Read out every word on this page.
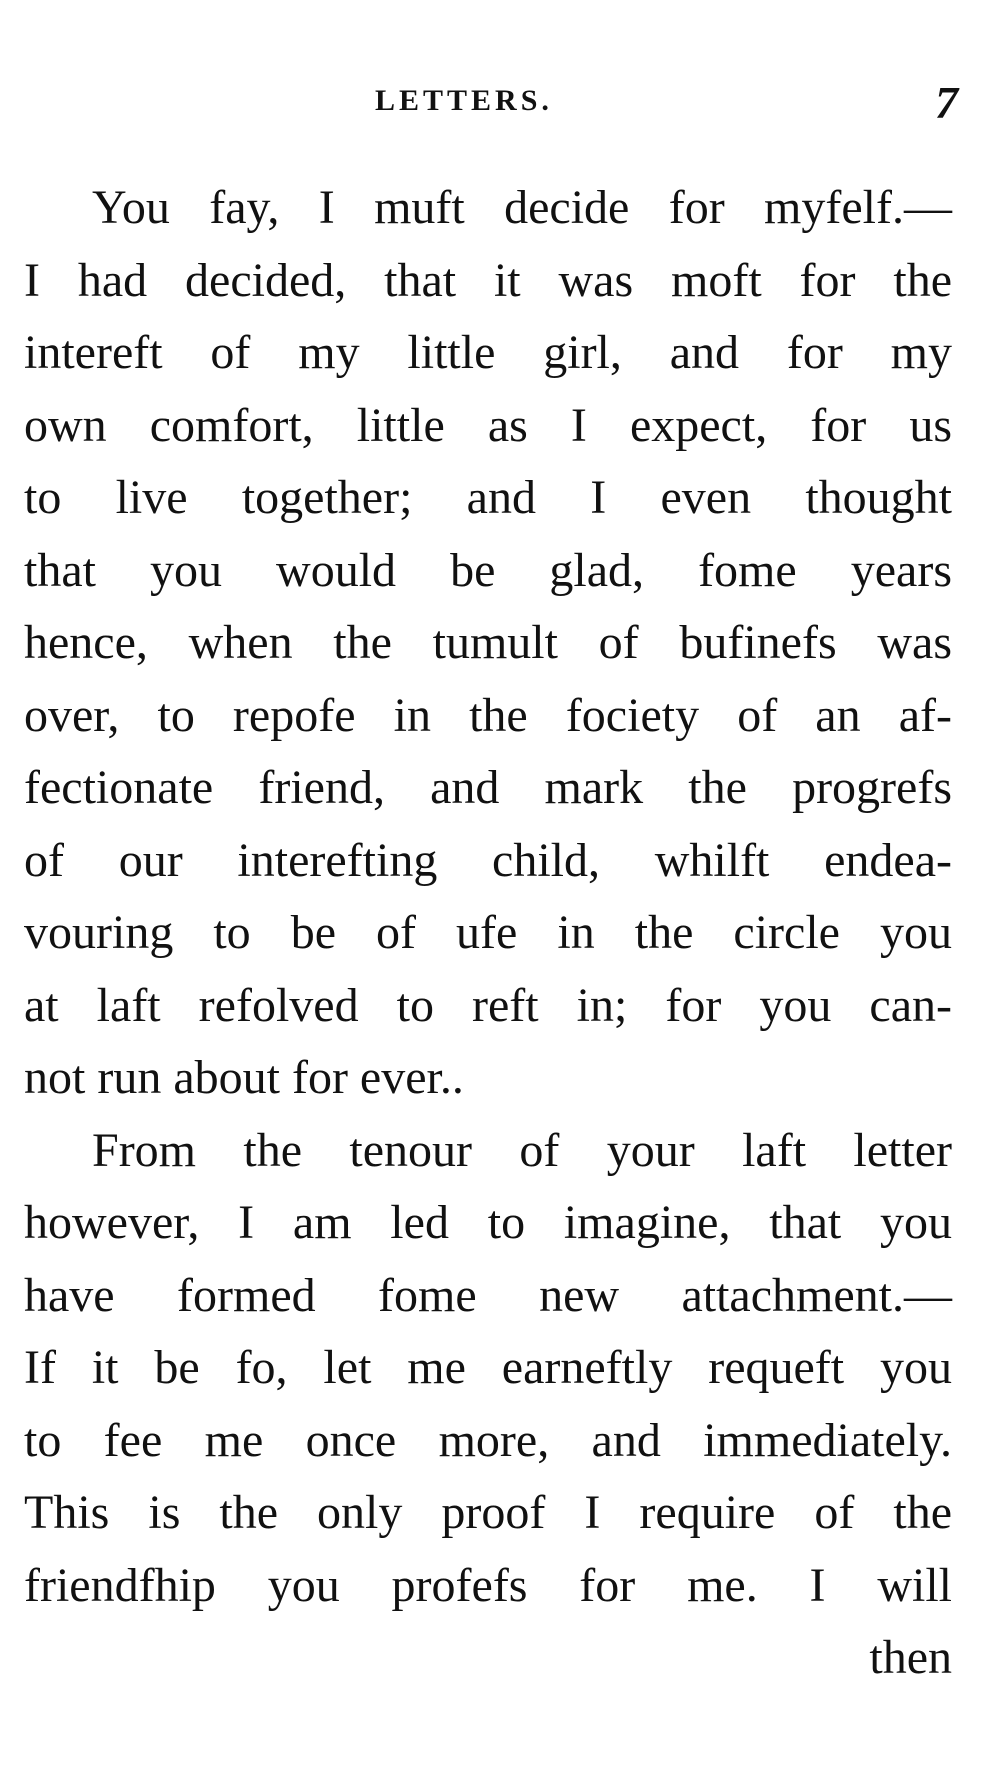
LETTERS.	7
You fay, I muft decide for myfelf.—
I had decided, that it was moft for the
intereft of my little girl, and for my
own comfort, little as I expect, for us
to live together; and I even thought
that you would be glad, fome years
hence, when the tumult of bufinefs was
over, to repofe in the fociety of an af-
fectionate friend, and mark the progrefs
of our interefting child, whilft endea-
vouring to be of ufe in the circle you
at laft refolved to reft in; for you can-
not run about for ever..
From the tenour of your laft letter
however, I am led to imagine, that you
have formed fome new attachment.—
If it be fo, let me earneftly requeft you
to fee me once more, and immediately.
This is the only proof I require of the
friendfhip you profefs for me. I will
then
